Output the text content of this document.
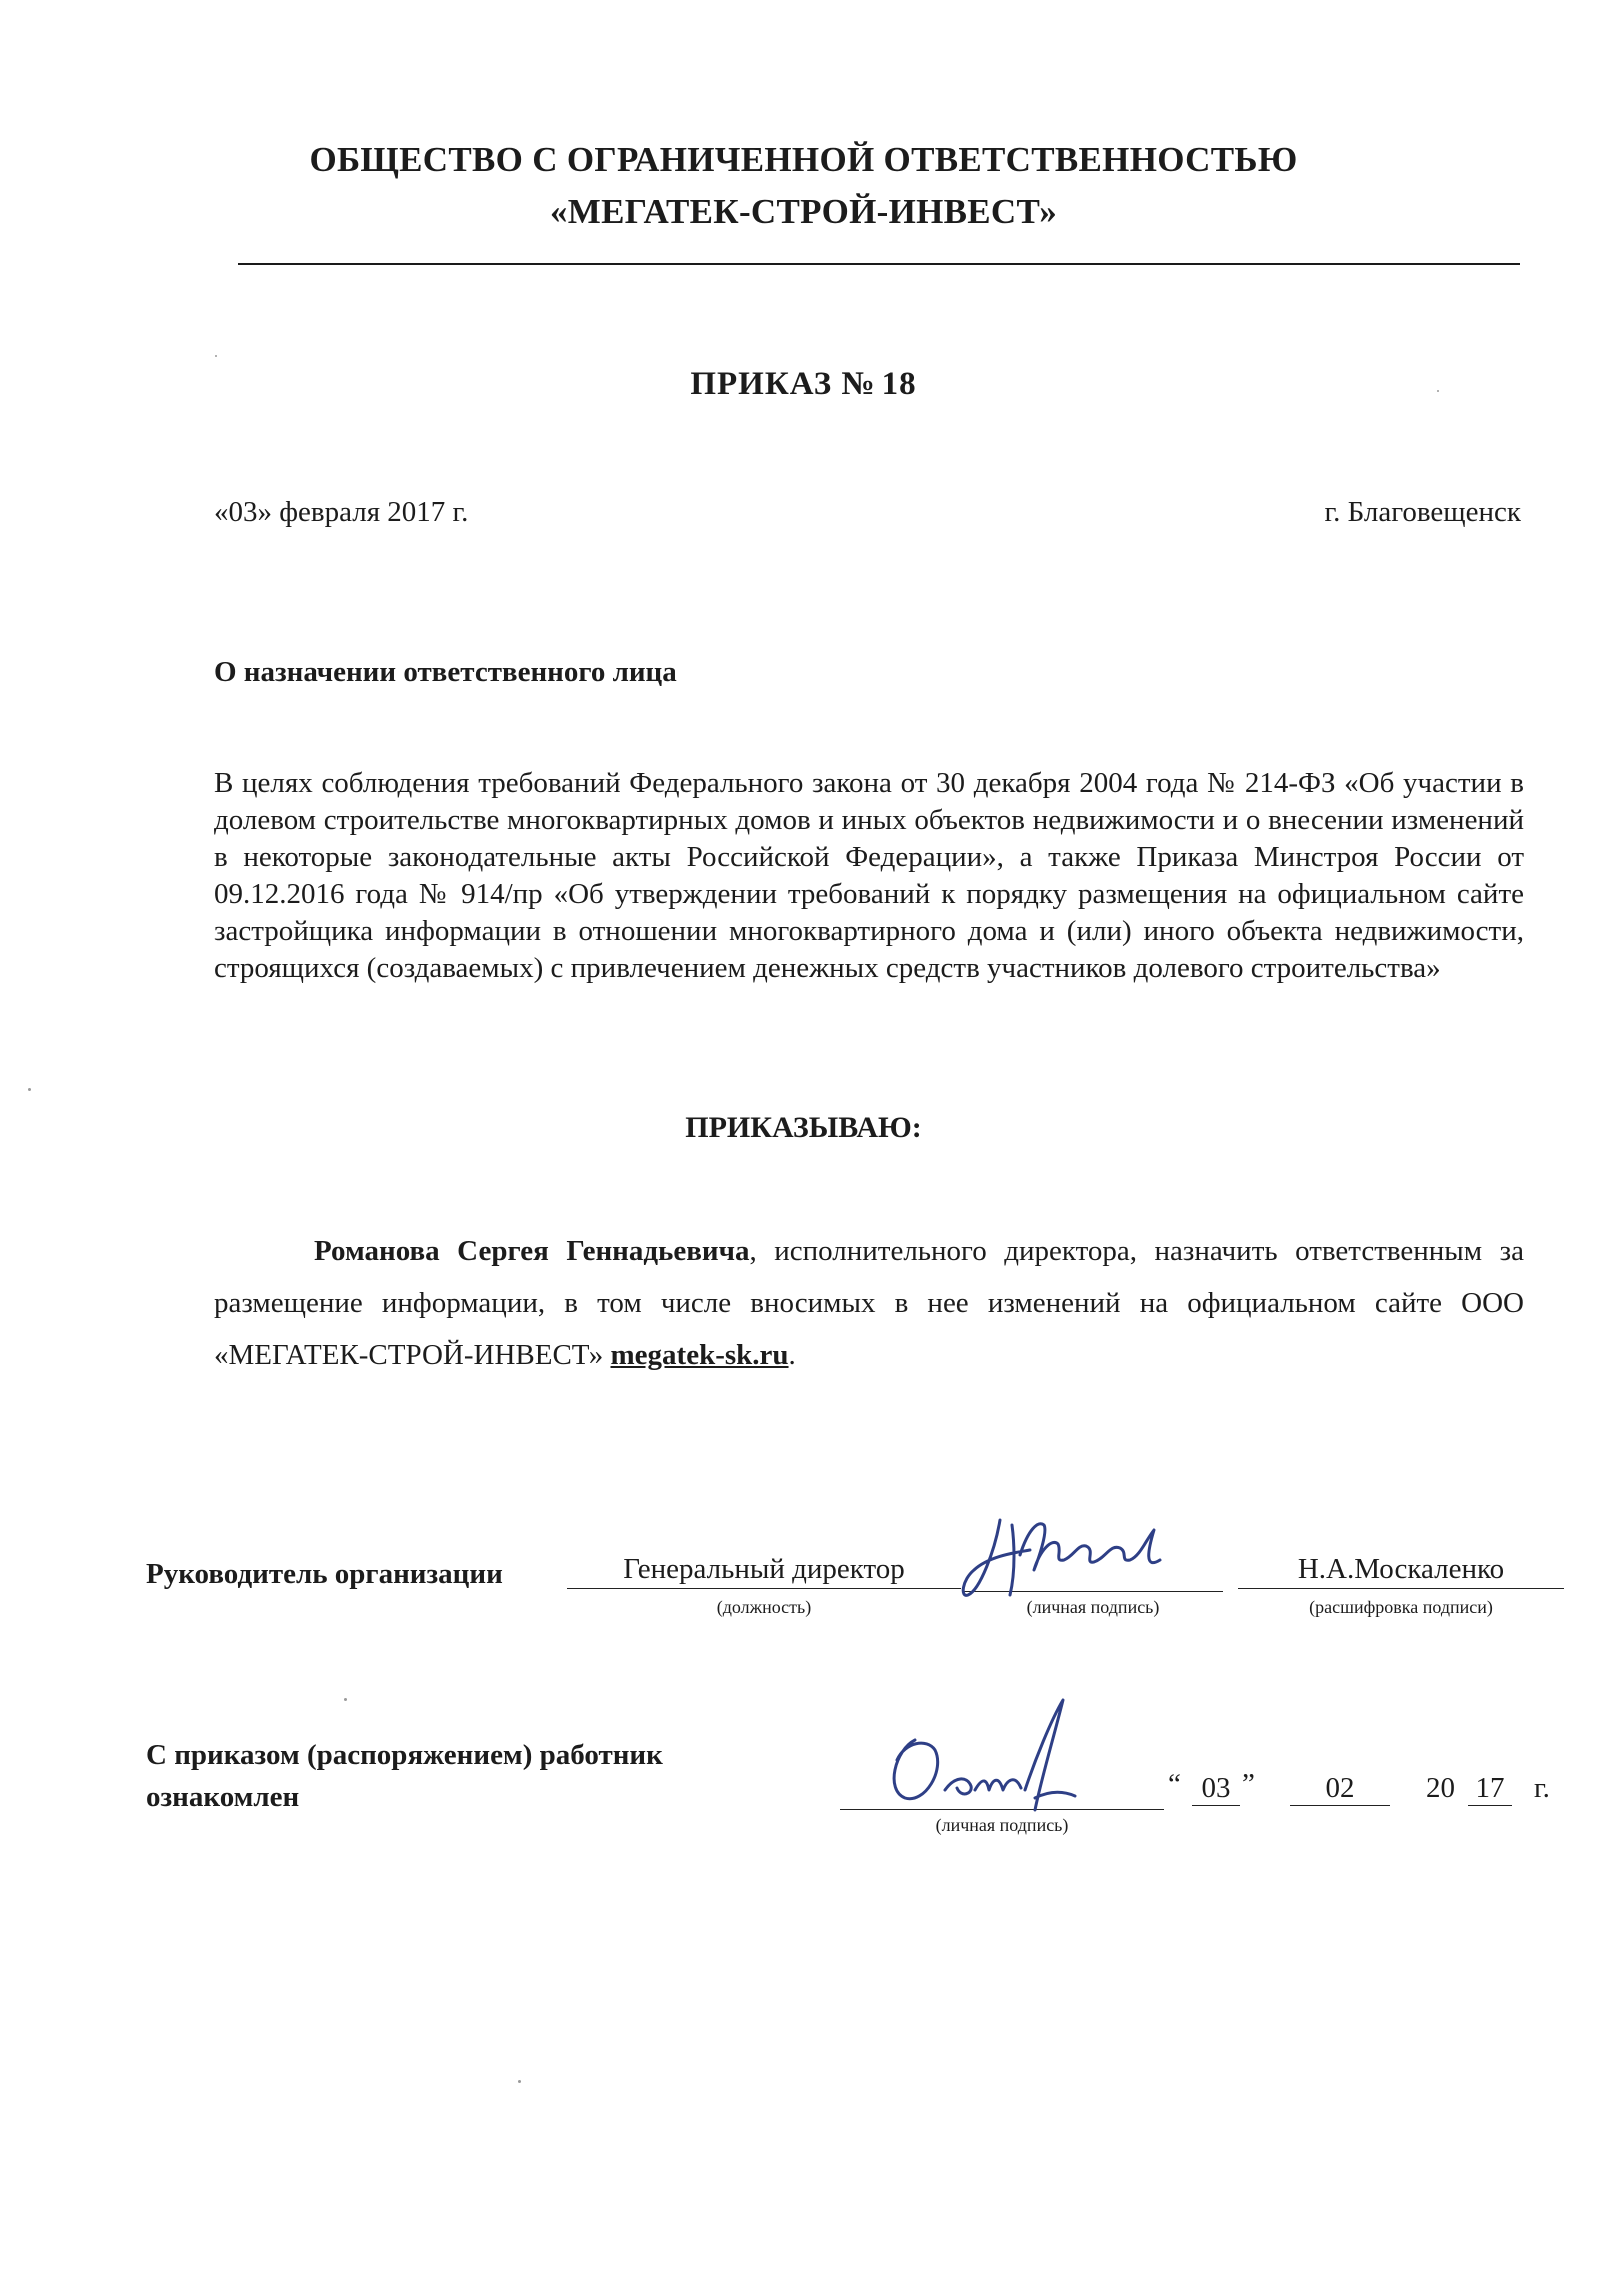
ОБЩЕСТВО С ОГРАНИЧЕННОЙ ОТВЕТСТВЕННОСТЬЮ
«МЕГАТЕК-СТРОЙ-ИНВЕСТ»
ПРИКАЗ № 18
«03» февраля 2017 г.	г. Благовещенск
О назначении ответственного лица
В целях соблюдения требований Федерального закона от 30 декабря 2004 года № 214-ФЗ «Об участии в долевом строительстве многоквартирных домов и иных объектов недвижимости и о внесении изменений в некоторые законодательные акты Российской Федерации», а также Приказа Минстроя России от 09.12.2016 года № 914/пр «Об утверждении требований к порядку размещения на официальном сайте застройщика информации в отношении многоквартирного дома и (или) иного объекта недвижимости, строящихся (создаваемых) с привлечением денежных средств участников долевого строительства»
ПРИКАЗЫВАЮ:
Романова Сергея Геннадьевича, исполнительного директора, назначить ответственным за размещение информации, в том числе вносимых в нее изменений на официальном сайте ООО «МЕГАТЕК-СТРОЙ-ИНВЕСТ» megatek-sk.ru.
Руководитель организации	Генеральный директор
(должность)	(личная подпись)
Н.А.Москаленко
(расшифровка подписи)
С приказом (распоряжением) работник ознакомлен
(личная подпись)
“ 03 ”	02	20 17 г.
